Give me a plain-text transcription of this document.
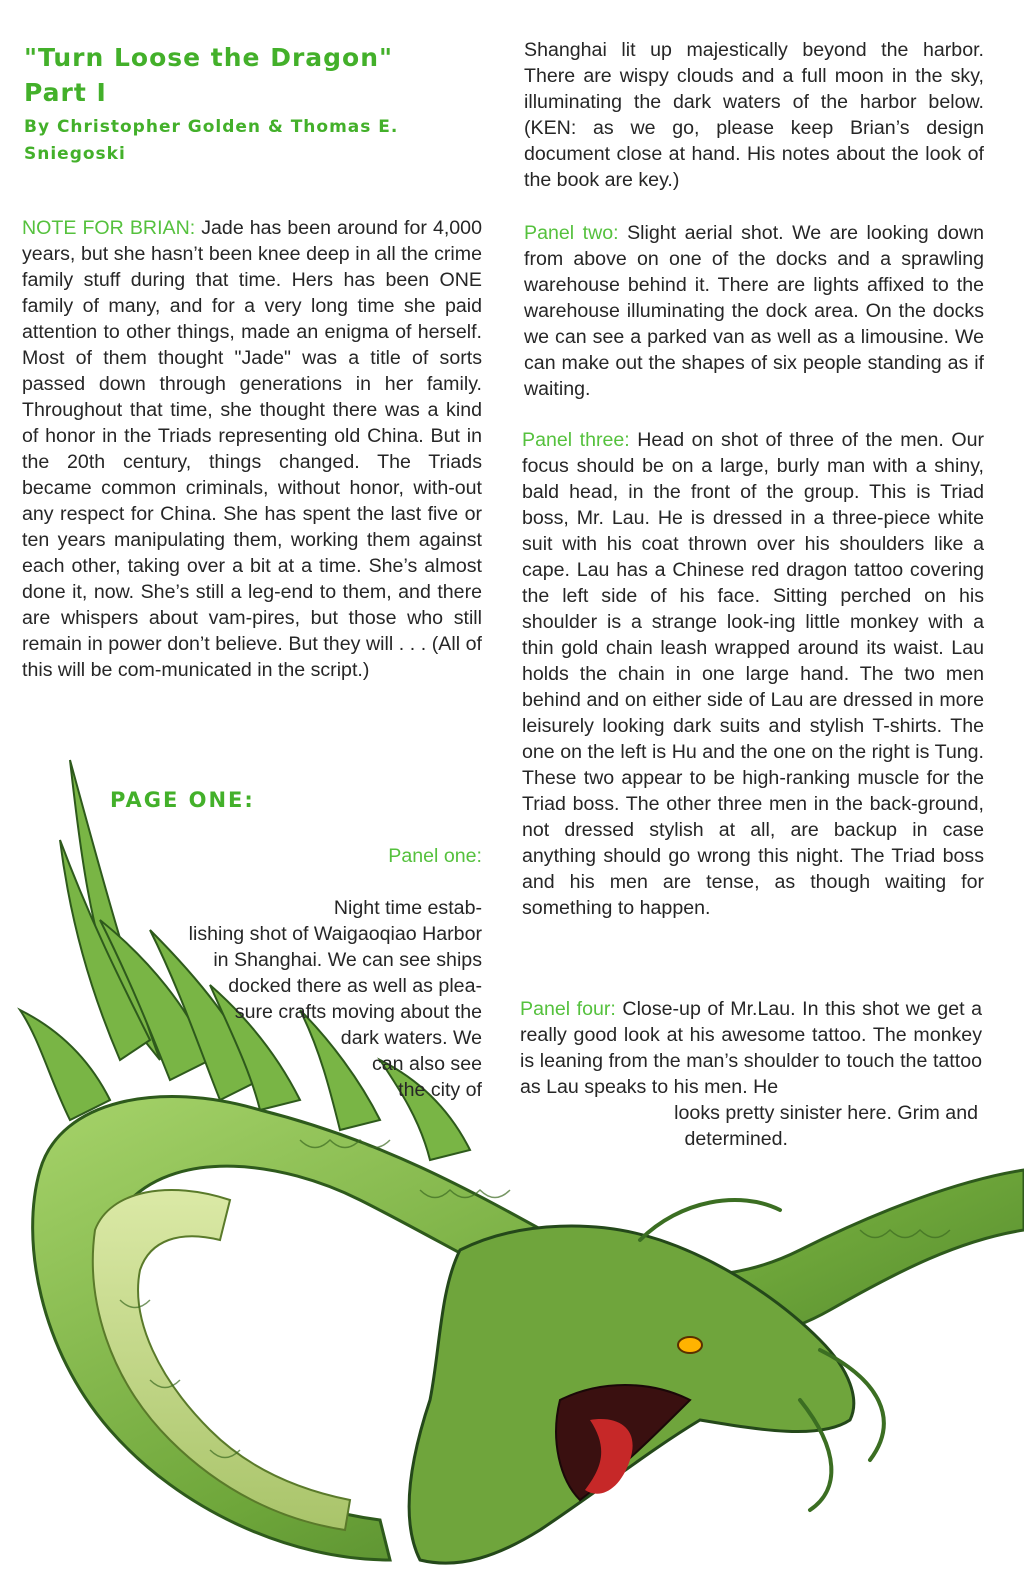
"Turn Loose the Dragon"

Part I

By Christopher Golden & Thomas E. Sniegoski

NOTE FOR BRIAN: Jade has been around for 4,000 years, but she hasn’t been knee deep in all the crime family stuff during that time. Hers has been ONE family of many, and for a very long time she paid attention to other things, made an enigma of herself. Most of them thought "Jade" was a title of sorts passed down through generations in her family. Throughout that time, she thought there was a kind of honor in the Triads representing old China. But in the 20th century, things changed. The Triads became common criminals, without honor, with-out any respect for China. She has spent the last five or ten years manipulating them, working them against each other, taking over a bit at a time. She’s almost done it, now. She’s still a leg-end to them, and there are whispers about vam-pires, but those who still remain in power don’t believe. But they will . . . (All of this will be com-municated in the script.)

PAGE ONE:

Panel one:

Night time estab-
lishing shot of Waigaoqiao Harbor
in Shanghai. We can see ships
docked there as well as plea-
sure crafts moving about the
dark waters. We
can also see
the city of

Shanghai lit up majestically beyond the harbor. There are wispy clouds and a full moon in the sky, illuminating the dark waters of the harbor below. (KEN: as we go, please keep Brian’s design document close at hand. His notes about the look of the book are key.)

Panel two: Slight aerial shot. We are looking down from above on one of the docks and a sprawling warehouse behind it. There are lights affixed to the warehouse illuminating the dock area. On the docks we can see a parked van as well as a limousine. We can make out the shapes of six people standing as if waiting.

Panel three: Head on shot of three of the men. Our focus should be on a large, burly man with a shiny, bald head, in the front of the group. This is Triad boss, Mr. Lau. He is dressed in a three-piece white suit with his coat thrown over his shoulders like a cape. Lau has a Chinese red dragon tattoo covering the left side of his face. Sitting perched on his shoulder is a strange look-ing little monkey with a thin gold chain leash wrapped around its waist. Lau holds the chain in one large hand. The two men behind and on either side of Lau are dressed in more leisurely looking dark suits and stylish T-shirts. The one on the left is Hu and the one on the right is Tung. These two appear to be high-ranking muscle for the Triad boss. The other three men in the back-ground, not dressed stylish at all, are backup in case anything should go wrong this night. The Triad boss and his men are tense, as though waiting for something to happen.

Panel four: Close-up of Mr.Lau. In this shot we get a really good look at his awesome tattoo. The monkey is leaning from the man’s shoulder to touch the tattoo as Lau speaks to his men. He
looks pretty sinister here. Grim and
determined.
